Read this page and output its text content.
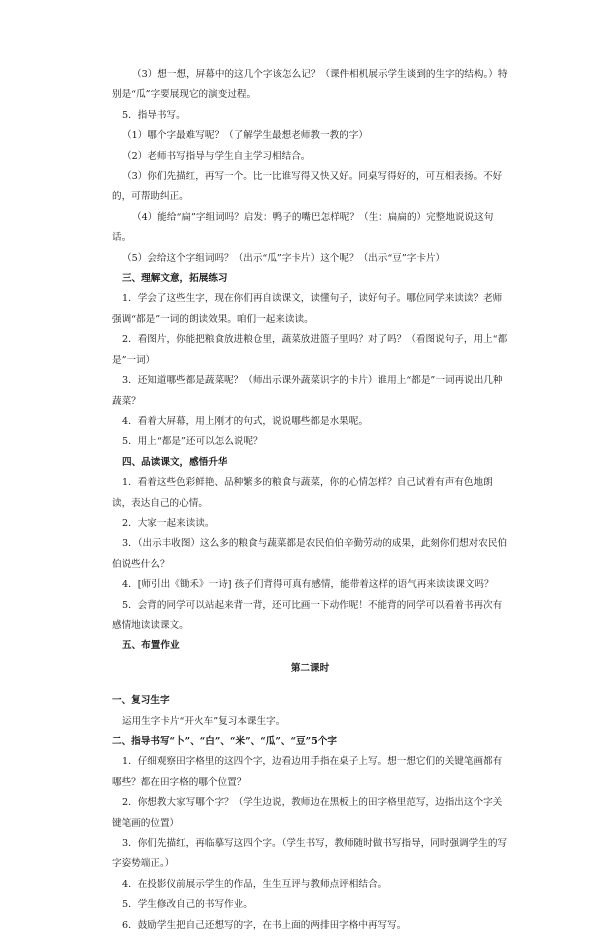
（3）想一想，屏幕中的这几个字该怎么记？（课件相机展示学生谈到的生字的结构。）特别是“瓜”字要展现它的演变过程。

5．指导书写。

（1）哪个字最难写呢？（了解学生最想老师教一教的字）

（2）老师书写指导与学生自主学习相结合。

（3）你们先描红，再写一个。比一比谁写得又快又好。同桌写得好的，可互相表扬。不好的，可帮助纠正。

（4）能给“扁”字组词吗？启发：鸭子的嘴巴怎样呢？（生：扁扁的）完整地说说这句话。

（5）会给这个字组词吗？（出示“瓜”字卡片）这个呢？（出示“豆”字卡片）

三、理解文意，拓展练习

1．学会了这些生字，现在你们再自读课文，读懂句子，读好句子。哪位同学来读读？老师强调“都是”一词的朗读效果。咱们一起来读读。

2．看图片，你能把粮食放进粮仓里，蔬菜放进篮子里吗？对了吗？（看图说句子，用上“都是”一词）

3．还知道哪些都是蔬菜呢？（师出示课外蔬菜识字的卡片）谁用上“都是”一词再说出几种蔬菜？

4．看着大屏幕，用上刚才的句式，说说哪些都是水果呢。

5．用上“都是”还可以怎么说呢？

四、品读课文，感悟升华

1．看着这些色彩鲜艳、品种繁多的粮食与蔬菜，你的心情怎样？自己试着有声有色地朗读，表达自己的心情。

2．大家一起来读读。

3．（出示丰收图）这么多的粮食与蔬菜都是农民伯伯辛勤劳动的成果，此刻你们想对农民伯伯说些什么？

4．[师引出《锄禾》一诗] 孩子们背得可真有感情，能带着这样的语气再来读读课文吗？

5．会背的同学可以站起来背一背，还可比画一下动作呢！不能背的同学可以看着书再次有感情地读读课文。

五、布置作业

第二课时

一、复习生字

运用生字卡片“开火车”复习本课生字。

二、指导书写“卜”、“白”、“米”、“瓜”、“豆”5个字

1．仔细观察田字格里的这四个字，边看边用手指在桌子上写。想一想它们的关键笔画都有哪些？都在田字格的哪个位置？

2．你想教大家写哪个字？（学生边说，教师边在黑板上的田字格里范写，边指出这个字关键笔画的位置）

3．你们先描红，再临摹写这四个字。（学生书写，教师随时做书写指导，同时强调学生的写字姿势端正。）

4．在投影仪前展示学生的作品，生生互评与教师点评相结合。

5．学生修改自己的书写作业。

6．鼓励学生把自己还想写的字，在书上面的两排田字格中再写写。
